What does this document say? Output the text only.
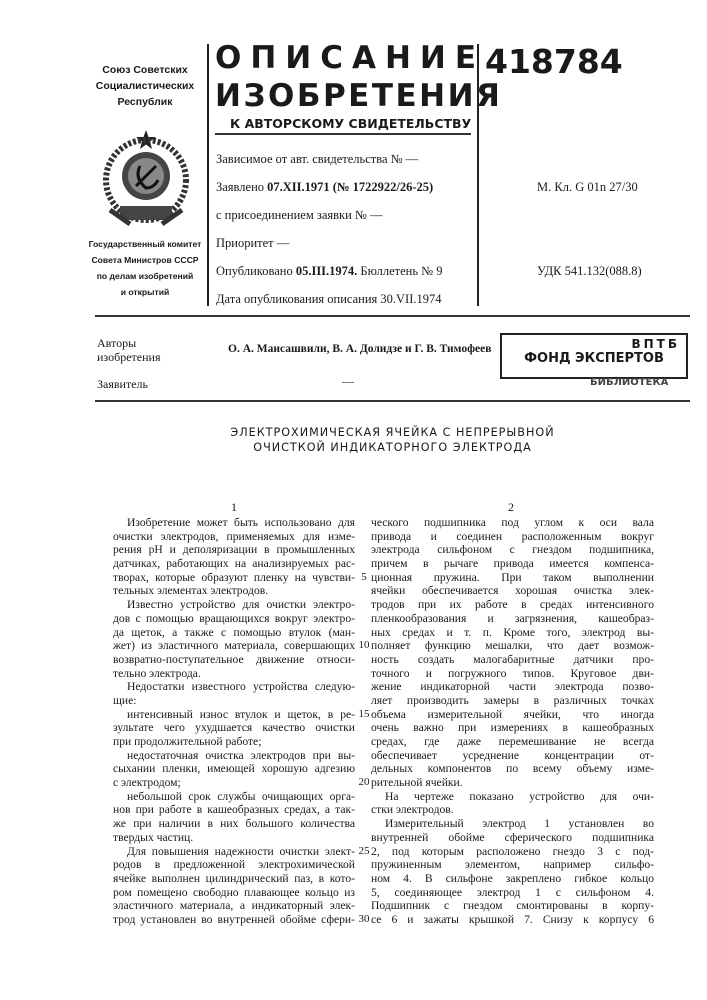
Союз Советских
Социалистических
Республик
Государственный комитет
Совета Министров СССР
по делам изобретений
и открытий
ОПИСАНИЕ
ИЗОБРЕТЕНИЯ
К АВТОРСКОМУ СВИДЕТЕЛЬСТВУ
418784
Зависимое от авт. свидетельства № —
Заявлено 07.XII.1971 (№ 1722922/26-25)
с присоединением заявки № —
Приоритет —
Опубликовано 05.III.1974. Бюллетень № 9
Дата опубликования описания 30.VII.1974
М. Кл. G 01n 27/30
УДК 541.132(088.8)
Авторы
изобретения
О. А. Маисашвили, В. А. Долидзе и Г. В. Тимофеев
Заявитель	—
ВПТБ
ФОНД ЭКСПЕРТОВ
БИБЛИОТЕКА
ЭЛЕКТРОХИМИЧЕСКАЯ ЯЧЕЙКА С НЕПРЕРЫВНОЙ
ОЧИСТКОЙ ИНДИКАТОРНОГО ЭЛЕКТРОДА
1	2
Изобретение может быть использовано для
очистки электродов, применяемых для изме-
рения pH и деполяризации в промышленных
датчиках, работающих на анализируемых рас-
творах, которые образуют пленку на чувстви-
тельных элементах электродов.
Известно устройство для очистки электро-
дов с помощью вращающихся вокруг электро-
да щеток, а также с помощью втулок (ман-
жет) из эластичного материала, совершающих
возвратно-поступательное движение относи-
тельно электрода.
Недостатки известного устройства следую-
щие:
интенсивный износ втулок и щеток, в ре-
зультате чего ухудшается качество очистки
при продолжительной работе;
недостаточная очистка электродов при вы-
сыхании пленки, имеющей хорошую адгезию
с электродом;
небольшой срок службы очищающих орга-
нов при работе в кашеобразных средах, а так-
же при наличии в них большого количества
твердых частиц.
Для повышения надежности очистки элект-
родов в предложенной электрохимической
ячейке выполнен цилиндрический паз, в кото-
ром помещено свободно плавающее кольцо из
эластичного материала, а индикаторный элек-
трод установлен во внутренней обойме сфери-
ческого подшипника под углом к оси вала
привода и соединен расположенным вокруг
электрода сильфоном с гнездом подшипника,
причем в рычаге привода имеется компенса-
ционная пружина. При таком выполнении
ячейки обеспечивается хорошая очистка элек-
тродов при их работе в средах интенсивного
пленкообразования и загрязнения, кашеобраз-
ных средах и т. п. Кроме того, электрод вы-
полняет функцию мешалки, что дает возмож-
ность создать малогабаритные датчики про-
точного и погружного типов. Круговое дви-
жение индикаторной части электрода позво-
ляет производить замеры в различных точках
объема измерительной ячейки, что иногда
очень важно при измерениях в кашеобразных
средах, где даже перемешивание не всегда
обеспечивает усреднение концентрации от-
дельных компонентов по всему объему изме-
рительной ячейки.
На чертеже показано устройство для очи-
стки электродов.
Измерительный электрод 1 установлен во
внутренней обойме сферического подшипника
2, под которым расположено гнездо 3 с под-
пружиненным элементом, например сильфо-
ном 4. В сильфоне закреплено гибкое кольцо
5, соединяющее электрод 1 с сильфоном 4.
Подшипник с гнездом смонтированы в корпу-
се 6 и зажаты крышкой 7. Снизу к корпусу 6
5
10
15
20
25
30
